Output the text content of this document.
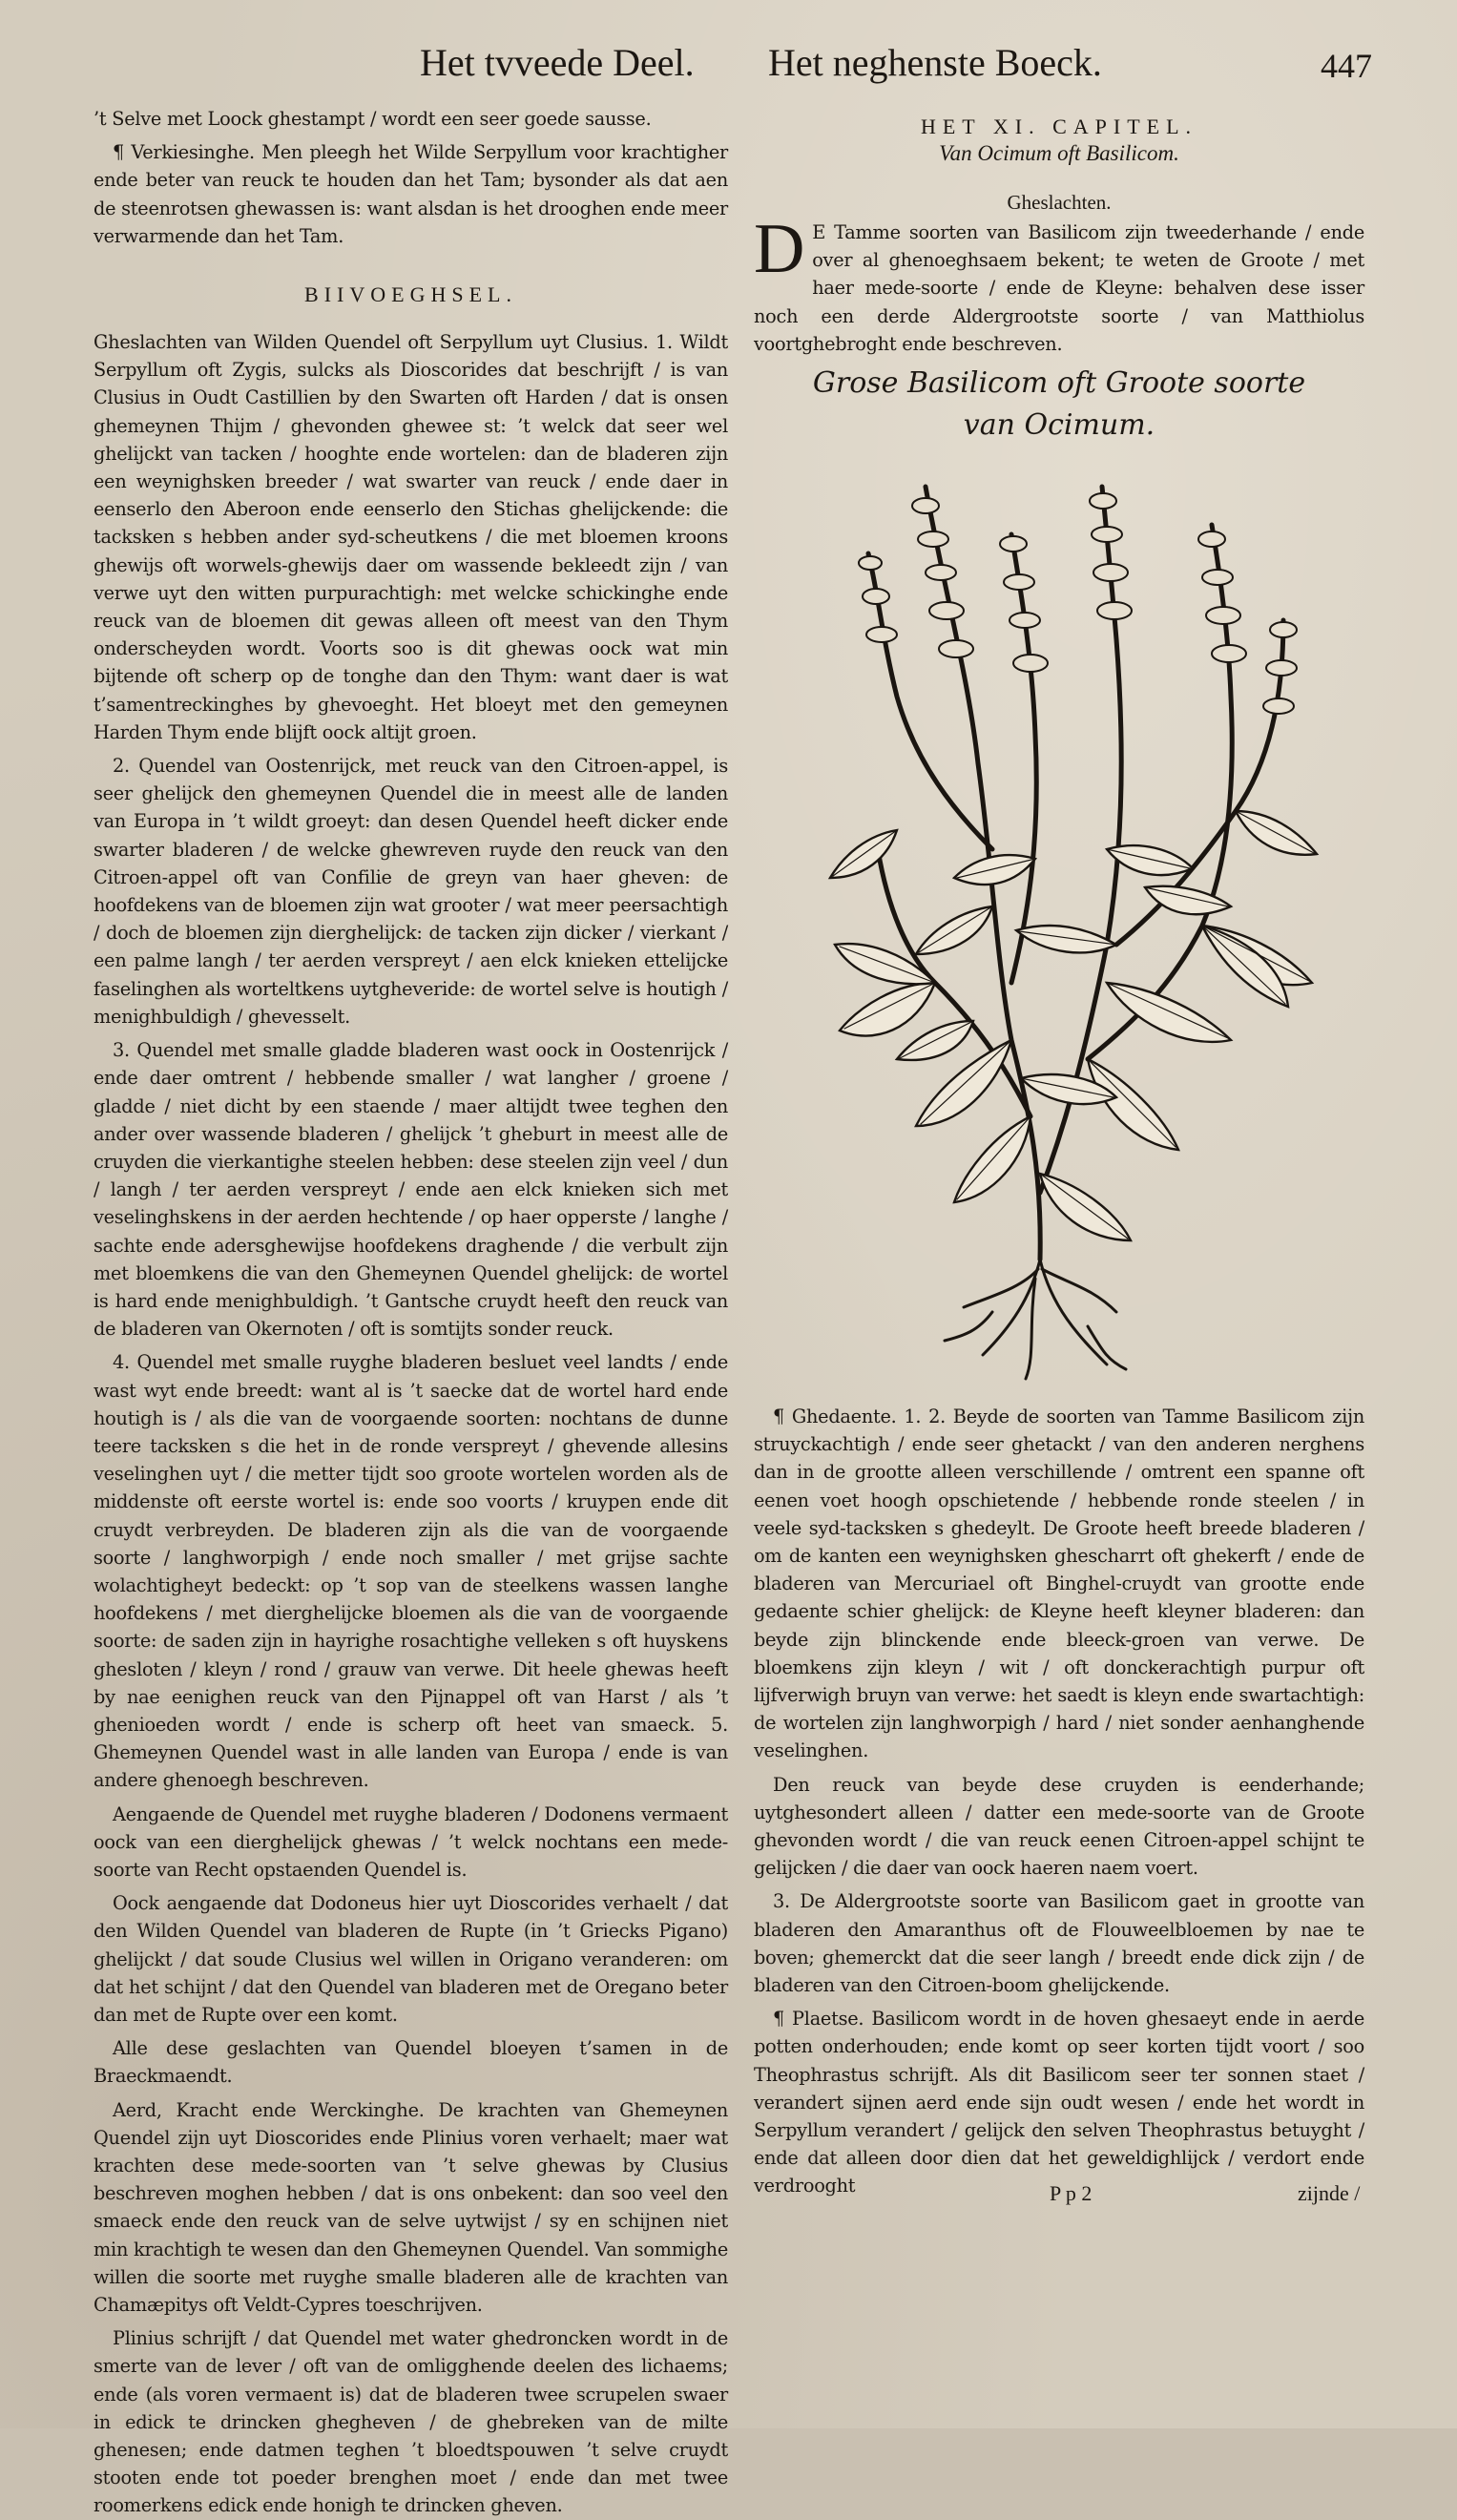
Het tvveede Deel. Het neghenste Boeck.	447

’t Selve met Loock ghestampt / wordt een seer goede sausse.

¶ Verkiesinghe. Men pleegh het Wilde Serpyllum voor krachtigher ende beter van reuck te houden dan het Tam; bysonder als dat aen de steenrotsen ghewassen is: want alsdan is het drooghen ende meer verwarmende dan het Tam.

BIIVOEGHSEL.

Gheslachten van Wilden Quendel oft Serpyllum uyt Clusius. 1. Wildt Serpyllum oft Zygis, sulcks als Dioscorides dat beschrijft / is van Clusius in Oudt Castillien by den Swarten oft Harden / dat is onsen ghemeynen Thijm / ghevonden ghewee st: ’t welck dat seer wel ghelijckt van tacken / hooghte ende wortelen: dan de bladeren zijn een weynighsken breeder / wat swarter van reuck / ende daer in eenserlo den Aberoon ende eenserlo den Stichas ghelijckende: die tacksken s hebben ander syd-scheutkens / die met bloemen kroons ghewijs oft worwels-ghewijs daer om wassende bekleedt zijn / van verwe uyt den witten purpurachtigh: met welcke schickinghe ende reuck van de bloemen dit gewas alleen oft meest van den Thym onderscheyden wordt. Voorts soo is dit ghewas oock wat min bijtende oft scherp op de tonghe dan den Thym: want daer is wat t’samentreckinghes by ghevoeght. Het bloeyt met den gemeynen Harden Thym ende blijft oock altijt groen.

2. Quendel van Oostenrijck, met reuck van den Citroen-appel, is seer ghelijck den ghemeynen Quendel die in meest alle de landen van Europa in ’t wildt groeyt: dan desen Quendel heeft dicker ende swarter bladeren / de welcke ghewreven ruyde den reuck van den Citroen-appel oft van Confilie de greyn van haer gheven: de hoofdekens van de bloemen zijn wat grooter / wat meer peersachtigh / doch de bloemen zijn dierghelijck: de tacken zijn dicker / vierkant / een palme langh / ter aerden verspreyt / aen elck knieken ettelijcke faselinghen als worteltkens uytgheveride: de wortel selve is houtigh / menighbuldigh / ghevesselt.

3. Quendel met smalle gladde bladeren wast oock in Oostenrijck / ende daer omtrent / hebbende smaller / wat langher / groene / gladde / niet dicht by een staende / maer altijdt twee teghen den ander over wassende bladeren / ghelijck ’t gheburt in meest alle de cruyden die vierkantighe steelen hebben: dese steelen zijn veel / dun / langh / ter aerden verspreyt / ende aen elck knieken sich met veselinghskens in der aerden hechtende / op haer opperste / langhe / sachte ende adersghewijse hoofdekens draghende / die verbult zijn met bloemkens die van den Ghemeynen Quendel ghelijck: de wortel is hard ende menighbuldigh. ’t Gantsche cruydt heeft den reuck van de bladeren van Okernoten / oft is somtijts sonder reuck.

4. Quendel met smalle ruyghe bladeren besluet veel landts / ende wast wyt ende breedt: want al is ’t saecke dat de wortel hard ende houtigh is / als die van de voorgaende soorten: nochtans de dunne teere tacksken s die het in de ronde verspreyt / ghevende allesins veselinghen uyt / die metter tijdt soo groote wortelen worden als de middenste oft eerste wortel is: ende soo voorts / kruypen ende dit cruydt verbreyden. De bladeren zijn als die van de voorgaende soorte / langhworpigh / ende noch smaller / met grijse sachte wolachtigheyt bedeckt: op ’t sop van de steelkens wassen langhe hoofdekens / met dierghelijcke bloemen als die van de voorgaende soorte: de saden zijn in hayrighe rosachtighe velleken s oft huyskens ghesloten / kleyn / rond / grauw van verwe. Dit heele ghewas heeft by nae eenighen reuck van den Pijnappel oft van Harst / als ’t ghenioeden wordt / ende is scherp oft heet van smaeck. 5. Ghemeynen Quendel wast in alle landen van Europa / ende is van andere ghenoegh beschreven.

Aengaende de Quendel met ruyghe bladeren / Dodonens vermaent oock van een dierghelijck ghewas / ’t welck nochtans een mede-soorte van Recht opstaenden Quendel is.

Oock aengaende dat Dodoneus hier uyt Dioscorides verhaelt / dat den Wilden Quendel van bladeren de Rupte (in ’t Griecks Pigano) ghelijckt / dat soude Clusius wel willen in Origano veranderen: om dat het schijnt / dat den Quendel van bladeren met de Oregano beter dan met de Rupte over een komt.

Alle dese geslachten van Quendel bloeyen t’samen in de Braeckmaendt.

Aerd, Kracht ende Werckinghe. De krachten van Ghemeynen Quendel zijn uyt Dioscorides ende Plinius voren verhaelt; maer wat krachten dese mede-soorten van ’t selve ghewas by Clusius beschreven moghen hebben / dat is ons onbekent: dan soo veel den smaeck ende den reuck van de selve uytwijst / sy en schijnen niet min krachtigh te wesen dan den Ghemeynen Quendel. Van sommighe willen die soorte met ruyghe smalle bladeren alle de krachten van Chamæpitys oft Veldt-Cypres toeschrijven.

Plinius schrijft / dat Quendel met water ghedroncken wordt in de smerte van de lever / oft van de omligghende deelen des lichaems; ende (als voren vermaent is) dat de bladeren twee scrupelen swaer in edick te drincken ghegheven / de ghebreken van de milte ghenesen; ende datmen teghen ’t bloedtspouwen ’t selve cruydt stooten ende tot poeder brenghen moet / ende dan met twee roomerkens edick ende honigh te drincken gheven.

HET XI. CAPITEL.
Van Ocimum oft Basilicom.
Gheslachten.

D E Tamme soorten van Basilicom zijn tweederhande / ende over al ghenoeghsaem bekent; te weten de Groote / met haer mede-soorte / ende de Kleyne: behalven dese isser noch een derde Aldergrootste soorte / van Matthiolus voortghebroght ende beschreven.

Grose Basilicom oft Groote soorte
van Ocimum.

¶ Ghedaente. 1. 2. Beyde de soorten van Tamme Basilicom zijn struyckachtigh / ende seer ghetackt / van den anderen nerghens dan in de grootte alleen verschillende / omtrent een spanne oft eenen voet hoogh opschietende / hebbende ronde steelen / in veele syd-tacksken s ghedeylt. De Groote heeft breede bladeren / om de kanten een weynighsken ghescharrt oft ghekerft / ende de bladeren van Mercuriael oft Binghel-cruydt van grootte ende gedaente schier ghelijck: de Kleyne heeft kleyner bladeren: dan beyde zijn blinckende ende bleeck-groen van verwe. De bloemkens zijn kleyn / wit / oft donckerachtigh purpur oft lijfverwigh bruyn van verwe: het saedt is kleyn ende swartachtigh: de wortelen zijn langhworpigh / hard / niet sonder aenhanghende veselinghen.

Den reuck van beyde dese cruyden is eenderhande; uytghesondert alleen / datter een mede-soorte van de Groote ghevonden wordt / die van reuck eenen Citroen-appel schijnt te gelijcken / die daer van oock haeren naem voert.

3. De Aldergrootste soorte van Basilicom gaet in grootte van bladeren den Amaranthus oft de Flouweelbloemen by nae te boven; ghemerckt dat die seer langh / breedt ende dick zijn / de bladeren van den Citroen-boom ghelijckende.

¶ Plaetse. Basilicom wordt in de hoven ghesaeyt ende in aerde potten onderhouden; ende komt op seer korten tijdt voort / soo Theophrastus schrijft. Als dit Basilicom seer ter sonnen staet / verandert sijnen aerd ende sijn oudt wesen / ende het wordt in Serpyllum verandert / gelijck den selven Theophrastus betuyght / ende dat alleen door dien dat het geweldighlijck / verdort ende verdrooght	P p 2	zijnde /
